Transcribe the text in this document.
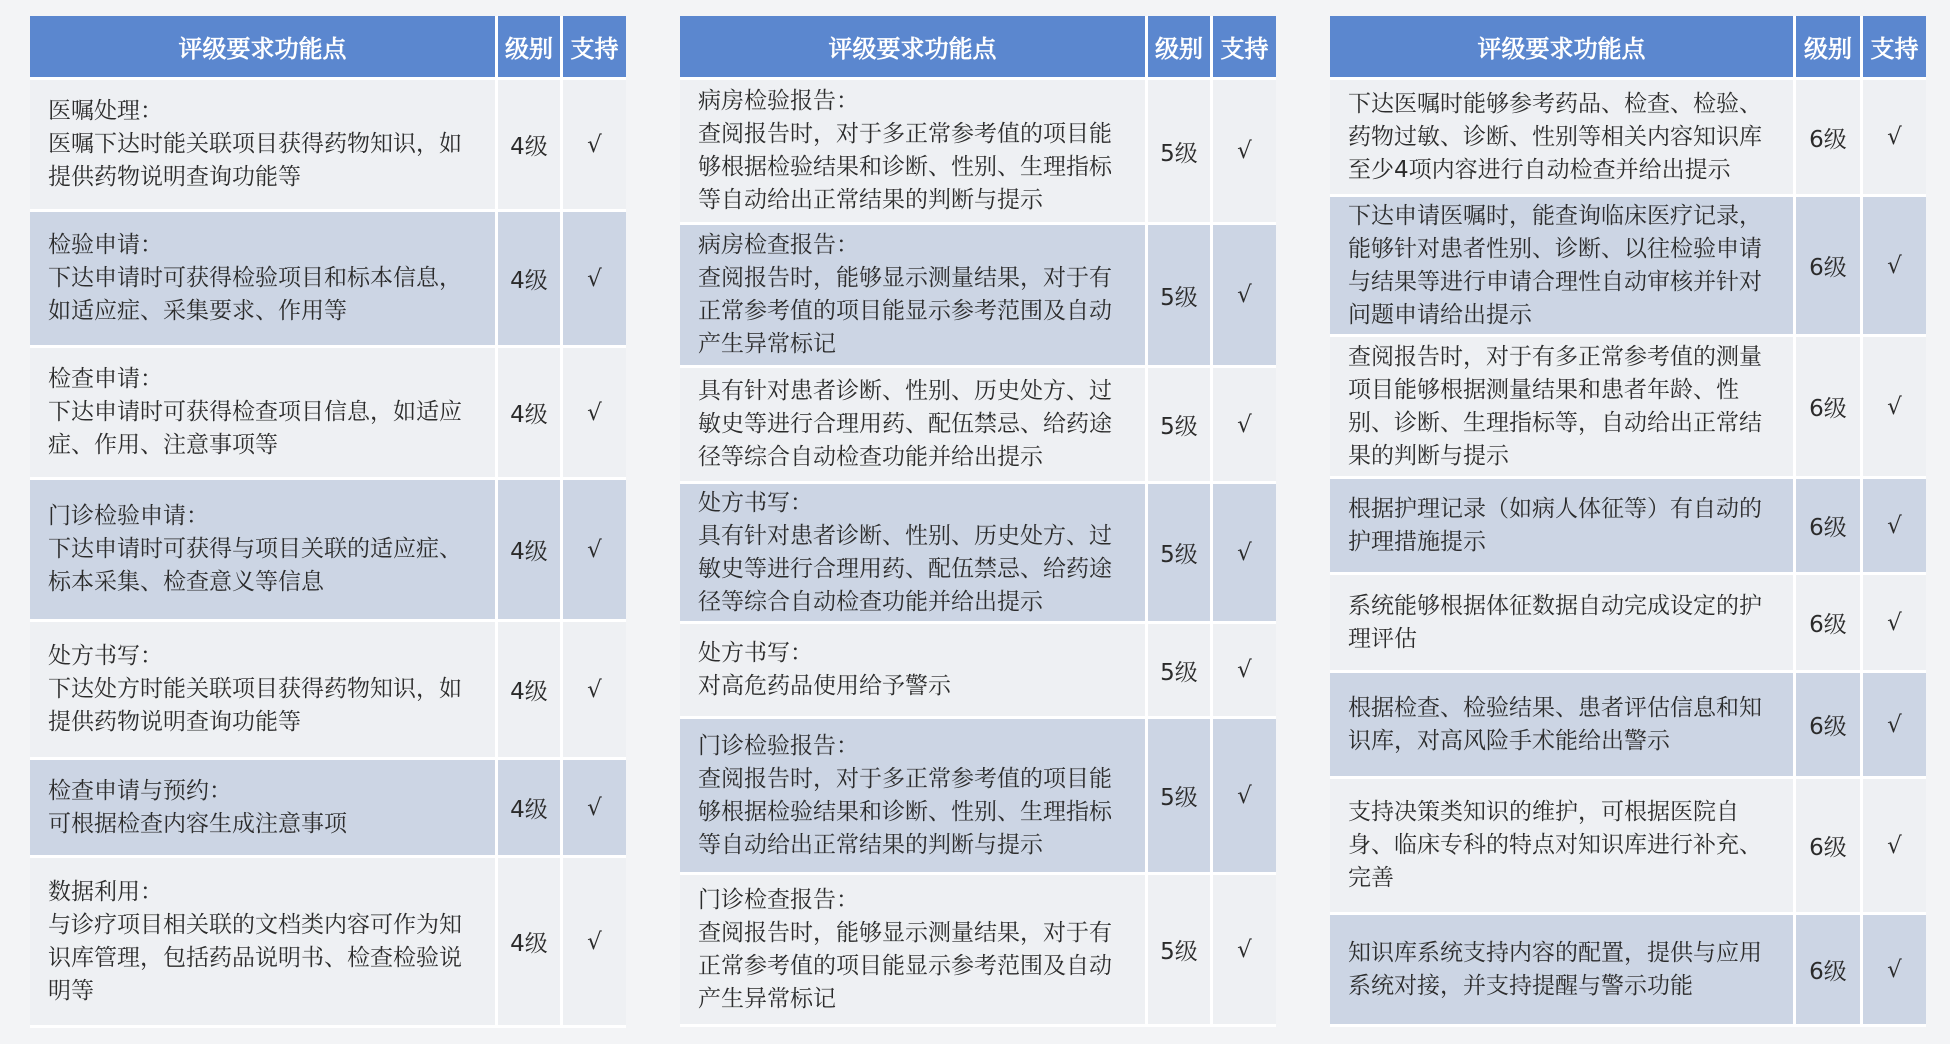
评级要求功能点	级别	支持

医嘱处理：
医嘱下达时能关联项目获得药物知识，如提供药物说明查询功能等	4级	√

检验申请：
下达申请时可获得检验项目和标本信息，如适应症、采集要求、作用等	4级	√

检查申请：
下达申请时可获得检查项目信息，如适应症、作用、注意事项等	4级	√

门诊检验申请：
下达申请时可获得与项目关联的适应症、标本采集、检查意义等信息	4级	√

处方书写：
下达处方时能关联项目获得药物知识，如提供药物说明查询功能等	4级	√

检查申请与预约：
可根据检查内容生成注意事项	4级	√

数据利用：
与诊疗项目相关联的文档类内容可作为知识库管理，包括药品说明书、检查检验说明等	4级	√
评级要求功能点	级别	支持

病房检验报告：
查阅报告时，对于多正常参考值的项目能够根据检验结果和诊断、性别、生理指标等自动给出正常结果的判断与提示	5级	√

病房检查报告：
查阅报告时，能够显示测量结果，对于有正常参考值的项目能显示参考范围及自动产生异常标记	5级	√

具有针对患者诊断、性别、历史处方、过敏史等进行合理用药、配伍禁忌、给药途径等综合自动检查功能并给出提示	5级	√

处方书写：
具有针对患者诊断、性别、历史处方、过敏史等进行合理用药、配伍禁忌、给药途径等综合自动检查功能并给出提示	5级	√

处方书写：
对高危药品使用给予警示	5级	√

门诊检验报告：
查阅报告时，对于多正常参考值的项目能够根据检验结果和诊断、性别、生理指标等自动给出正常结果的判断与提示	5级	√

门诊检查报告：
查阅报告时，能够显示测量结果，对于有正常参考值的项目能显示参考范围及自动产生异常标记	5级	√
评级要求功能点	级别	支持

下达医嘱时能够参考药品、检查、检验、药物过敏、诊断、性别等相关内容知识库至少4项内容进行自动检查并给出提示	6级	√

下达申请医嘱时，能查询临床医疗记录，能够针对患者性别、诊断、以往检验申请与结果等进行申请合理性自动审核并针对问题申请给出提示	6级	√

查阅报告时，对于有多正常参考值的测量项目能够根据测量结果和患者年龄、性别、诊断、生理指标等，自动给出正常结果的判断与提示	6级	√

根据护理记录（如病人体征等）有自动的护理措施提示	6级	√

系统能够根据体征数据自动完成设定的护理评估	6级	√

根据检查、检验结果、患者评估信息和知识库，对高风险手术能给出警示	6级	√

支持决策类知识的维护，可根据医院自身、临床专科的特点对知识库进行补充、完善	6级	√

知识库系统支持内容的配置，提供与应用系统对接，并支持提醒与警示功能	6级	√
